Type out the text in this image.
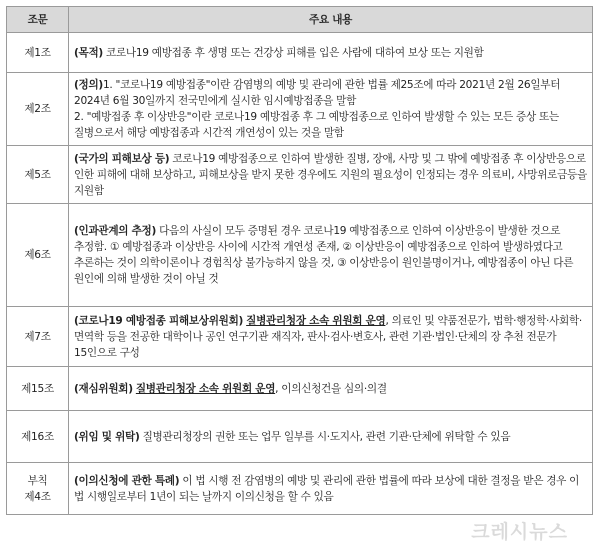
조문	주요 내용
제1조	(목적) 코로나19 예방접종 후 생명 또는 건강상 피해를 입은 사람에 대하여 보상 또는 지원함
제2조	(정의)1. "코로나19 예방접종"이란 감염병의 예방 및 관리에 관한 법률 제25조에 따라 2021년 2월 26일부터 2024년 6월 30일까지 전국민에게 실시한 임시예방접종을 말함
2. "예방접종 후 이상반응"이란 코로나19 예방접종 후 그 예방접종으로 인하여 발생할 수 있는 모든 증상 또는 질병으로서 해당 예방접종과 시간적 개연성이 있는 것을 말함
제5조	(국가의 피해보상 등) 코로나19 예방접종으로 인하여 발생한 질병, 장애, 사망 및 그 밖에 예방접종 후 이상반응으로 인한 피해에 대해 보상하고, 피해보상을 받지 못한 경우에도 지원의 필요성이 인정되는 경우 의료비, 사망위로금등을 지원함
제6조	(인과관계의 추정) 다음의 사실이 모두 증명된 경우 코로나19 예방접종으로 인하여 이상반응이 발생한 것으로 추정함. ① 예방접종과 이상반응 사이에 시간적 개연성 존재, ② 이상반응이 예방접종으로 인하여 발생하였다고 추론하는 것이 의학이론이나 경험칙상 불가능하지 않을 것, ③ 이상반응이 원인불명이거나, 예방접종이 아닌 다른 원인에 의해 발생한 것이 아닐 것
제7조	(코로나19 예방접종 피해보상위원회) 질병관리청장 소속 위원회 운영, 의료인 및 약품전문가, 법학·행정학·사회학·면역학 등을 전공한 대학이나 공인 연구기관 재직자, 판사·검사·변호사, 관련 기관·법인·단체의 장 추천 전문가 15인으로 구성
제15조	(재심위원회) 질병관리청장 소속 위원회 운영, 이의신청건을 심의·의결
제16조	(위임 및 위탁) 질병관리청장의 권한 또는 업무 일부를 시·도지사, 관련 기관·단체에 위탁할 수 있음
부칙
제4조	(이의신청에 관한 특례) 이 법 시행 전 감염병의 예방 및 관리에 관한 법률에 따라 보상에 대한 결정을 받은 경우 이 법 시행일로부터 1년이 되는 날까지 이의신청을 할 수 있음
크레시뉴스
